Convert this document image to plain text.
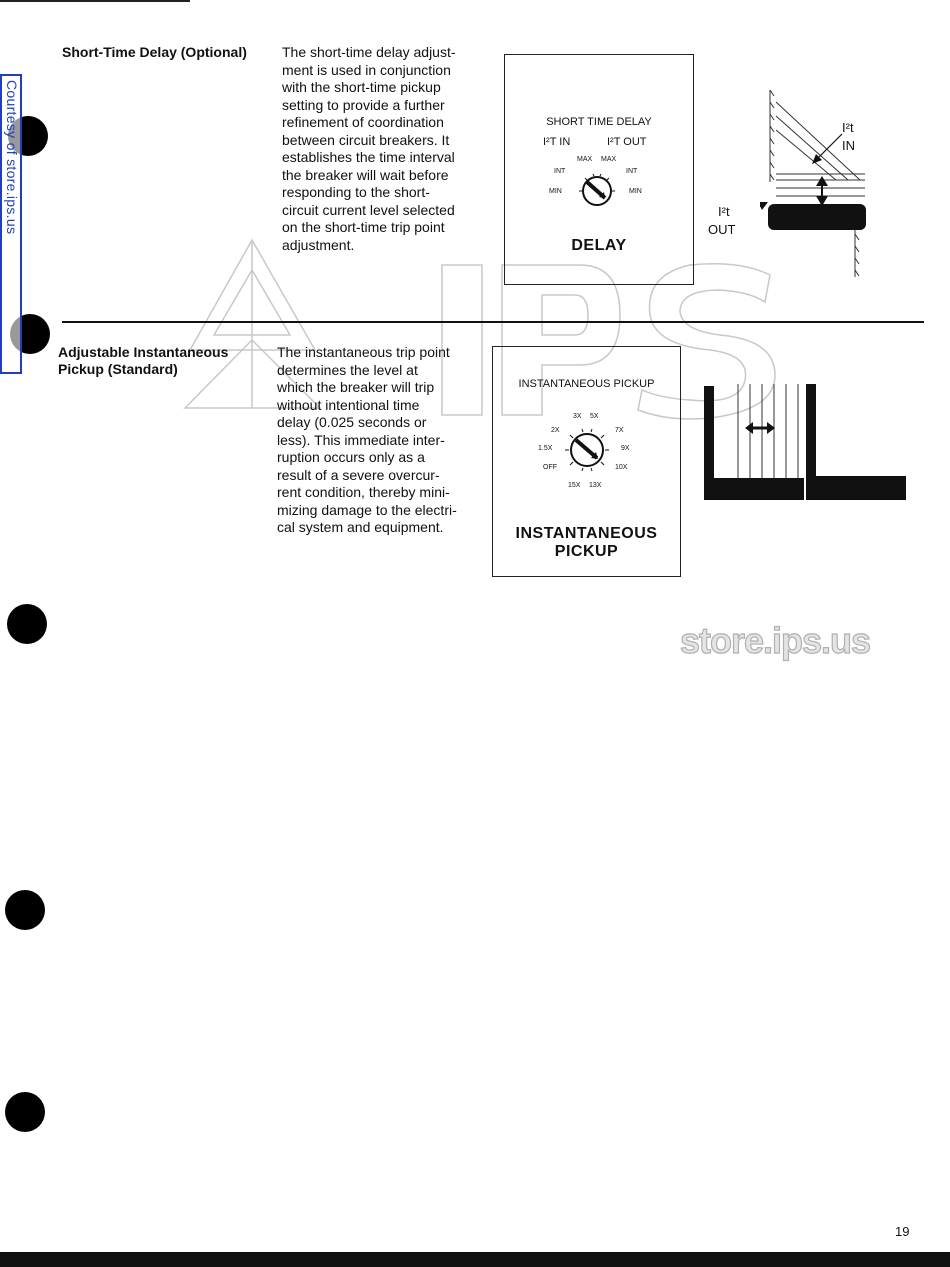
Courtesy of store.ips.us
Short-Time Delay (Optional)	The short-time delay adjust-
ment is used in conjunction
with the short-time pickup
setting to provide a further
refinement of coordination
between circuit breakers. It
establishes the time interval
the breaker will wait before
responding to the short-
circuit current level selected
on the short-time trip point
adjustment.
SHORT TIME DELAY
I²T IN	I²T OUT
MAX MAX
INT	INT
MIN	MIN
DELAY
I²t
IN
I²t
OUT
Adjustable Instantaneous
Pickup (Standard)
The instantaneous trip point
determines the level at
which the breaker will trip
without intentional time
delay (0.025 seconds or
less). This immediate inter-
ruption occurs only as a
result of a severe overcur-
rent condition, thereby mini-
mizing damage to the electri-
cal system and equipment.
INSTANTANEOUS PICKUP
3X 5X
2X	7X
1.5X	9X
OFF	10X
15X 13X
INSTANTANEOUS
PICKUP
store.ips.us
19
